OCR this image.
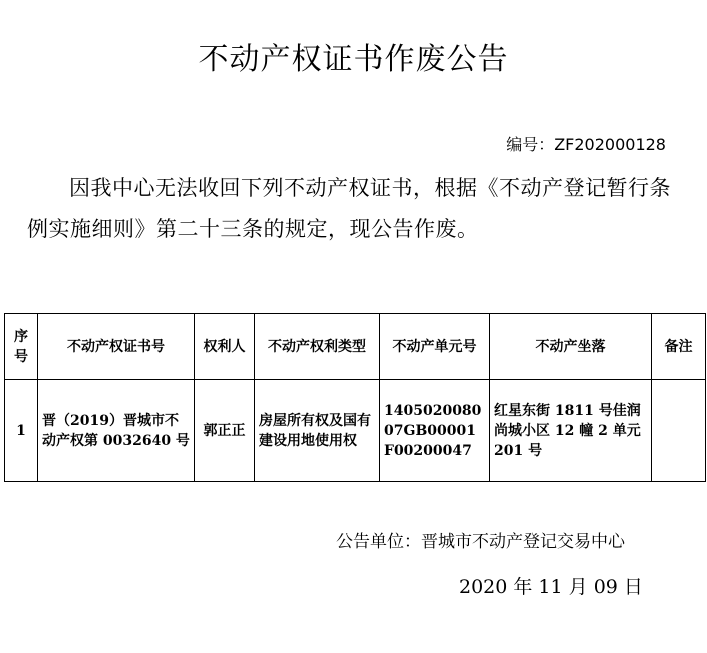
不动产权证书作废公告
编号：ZF202000128
因我中心无法收回下列不动产权证书，根据《不动产登记暂行条例实施细则》第二十三条的规定，现公告作废。
序号	不动产权证书号	权利人	不动产权利类型	不动产单元号	不动产坐落	备注
1	晋（2019）晋城市不动产权第 0032640 号	郭正正	房屋所有权及国有建设用地使用权	140502008007GB00001F00200047	红星东街 1811 号佳润尚城小区 12 幢 2 单元 201 号	
公告单位：晋城市不动产登记交易中心
2020 年 11 月 09 日
